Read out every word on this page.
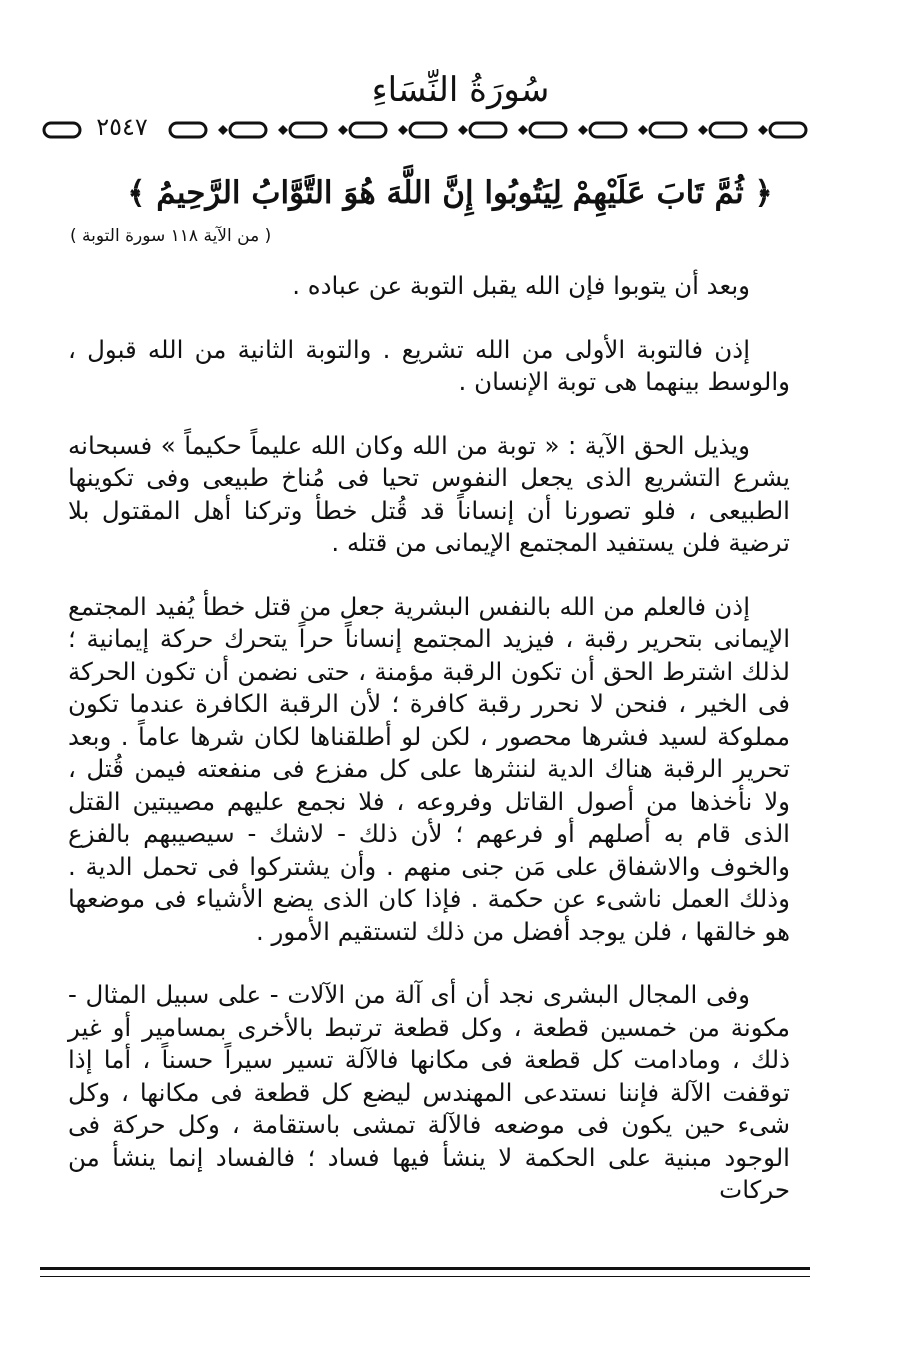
سُورَةُ النِّسَاءِ
٢٥٤٧
﴿ ثُمَّ تَابَ عَلَيْهِمْ لِيَتُوبُوا إِنَّ اللَّهَ هُوَ التَّوَّابُ الرَّحِيمُ ﴾
( من الآية ١١٨ سورة التوبة )

وبعد أن يتوبوا فإن الله يقبل التوبة عن عباده .

إذن فالتوبة الأولى من الله تشريع . والتوبة الثانية من الله قبول ، والوسط بينهما هى توبة الإنسان .

ويذيل الحق الآية : « توبة من الله وكان الله عليماً حكيماً » فسبحانه يشرع التشريع الذى يجعل النفوس تحيا فى مُناخ طبيعى وفى تكوينها الطبيعى ، فلو تصورنا أن إنساناً قد قُتل خطأ وتركنا أهل المقتول بلا ترضية فلن يستفيد المجتمع الإيمانى من قتله .

إذن فالعلم من الله بالنفس البشرية جعل من قتل خطأ يُفيد المجتمع الإيمانى بتحرير رقبة ، فيزيد المجتمع إنساناً حراً يتحرك حركة إيمانية ؛ لذلك اشترط الحق أن تكون الرقبة مؤمنة ، حتى نضمن أن تكون الحركة فى الخير ، فنحن لا نحرر رقبة كافرة ؛ لأن الرقبة الكافرة عندما تكون مملوكة لسيد فشرها محصور ، لكن لو أطلقناها لكان شرها عاماً . وبعد تحرير الرقبة هناك الدية لننثرها على كل مفزع فى منفعته فيمن قُتل ، ولا نأخذها من أصول القاتل وفروعه ، فلا نجمع عليهم مصيبتين القتل الذى قام به أصلهم أو فرعهم ؛ لأن ذلك - لاشك - سيصيبهم بالفزع والخوف والاشفاق على مَن جنى منهم . وأن يشتركوا فى تحمل الدية . وذلك العمل ناشىء عن حكمة . فإذا كان الذى يضع الأشياء فى موضعها هو خالقها ، فلن يوجد أفضل من ذلك لتستقيم الأمور .

وفى المجال البشرى نجد أن أى آلة من الآلات - على سبيل المثال - مكونة من خمسين قطعة ، وكل قطعة ترتبط بالأخرى بمسامير أو غير ذلك ، ومادامت كل قطعة فى مكانها فالآلة تسير سيراً حسناً ، أما إذا توقفت الآلة فإننا نستدعى المهندس ليضع كل قطعة فى مكانها ، وكل شىء حين يكون فى موضعه فالآلة تمشى باستقامة ، وكل حركة فى الوجود مبنية على الحكمة لا ينشأ فيها فساد ؛ فالفساد إنما ينشأ من حركات
